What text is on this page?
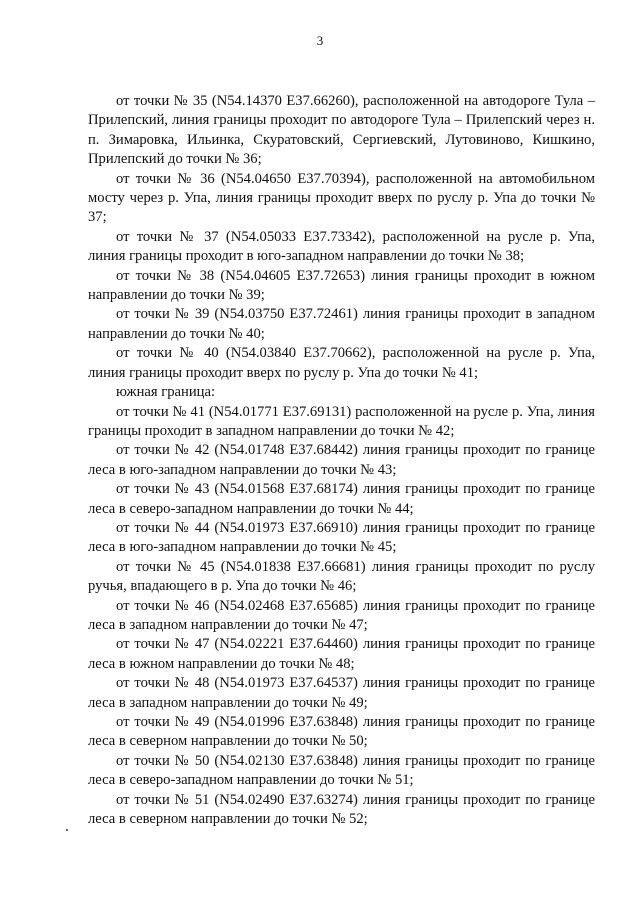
3

от точки № 35 (N54.14370 E37.66260), расположенной на автодороге Тула – Прилепский, линия границы проходит по автодороге Тула – Прилепский через н. п. Зимаровка, Ильинка, Скуратовский, Сергиевский, Лутовиново, Кишкино, Прилепский до точки № 36;

от точки № 36 (N54.04650 E37.70394), расположенной на автомобильном мосту через р. Упа, линия границы проходит вверх по руслу р. Упа до точки № 37;

от точки № 37 (N54.05033 E37.73342), расположенной на русле р. Упа, линия границы проходит в юго-западном направлении до точки № 38;

от точки № 38 (N54.04605 E37.72653) линия границы проходит в южном направлении до точки № 39;

от точки № 39 (N54.03750 E37.72461) линия границы проходит в западном направлении до точки № 40;

от точки № 40 (N54.03840 E37.70662), расположенной на русле р. Упа, линия границы проходит вверх по руслу р. Упа до точки № 41;

южная граница:

от точки № 41 (N54.01771 E37.69131) расположенной на русле р. Упа, линия границы проходит в западном направлении до точки № 42;

от точки № 42 (N54.01748 E37.68442) линия границы проходит по границе леса в юго-западном направлении до точки № 43;

от точки № 43 (N54.01568 E37.68174) линия границы проходит по границе леса в северо-западном направлении до точки № 44;

от точки № 44 (N54.01973 E37.66910) линия границы проходит по границе леса в юго-западном направлении до точки № 45;

от точки № 45 (N54.01838 E37.66681) линия границы проходит по руслу ручья, впадающего в р. Упа до точки № 46;

от точки № 46 (N54.02468 E37.65685) линия границы проходит по границе леса в западном направлении до точки № 47;

от точки № 47 (N54.02221 E37.64460) линия границы проходит по границе леса в южном направлении до точки № 48;

от точки № 48 (N54.01973 E37.64537) линия границы проходит по границе леса в западном направлении до точки № 49;

от точки № 49 (N54.01996 E37.63848) линия границы проходит по границе леса в северном направлении до точки № 50;

от точки № 50 (N54.02130 E37.63848) линия границы проходит по границе леса в северо-западном направлении до точки № 51;

от точки № 51 (N54.02490 E37.63274) линия границы проходит по границе леса в северном направлении до точки № 52;
